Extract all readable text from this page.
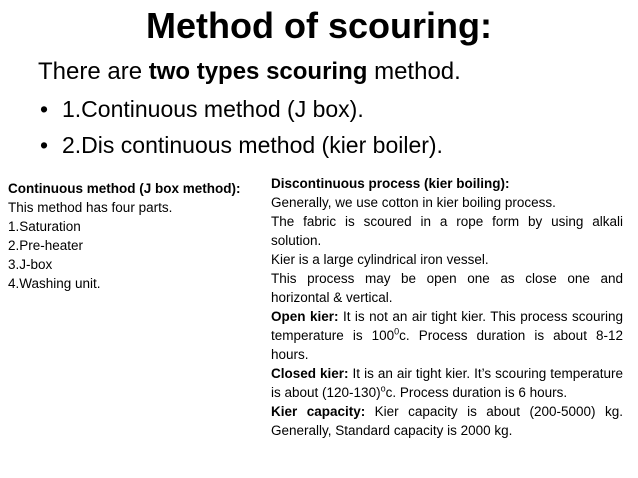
Method of scouring:
There are two types scouring method.
• 1.Continuous method (J box).
• 2.Dis continuous method (kier boiler).
Continuous method (J box method):
This method has four parts.
1.Saturation
2.Pre-heater
3.J-box
4.Washing unit.
Discontinuous process (kier boiling):

Generally, we use cotton in kier boiling process.

The fabric is scoured in a rope form by using alkali solution.

Kier is a large cylindrical iron vessel.

This process may be open one as close one and horizontal & vertical.

Open kier: It is not an air tight kier. This process scouring temperature is $100^0c$. Process duration is about 8-12 hours.

Closed kier: It is an air tight kier. It’s scouring temperature is about $(120-130)^oc$. Process duration is 6 hours.

Kier capacity: Kier capacity is about (200-5000) kg. Generally, Standard capacity is 2000 kg.
